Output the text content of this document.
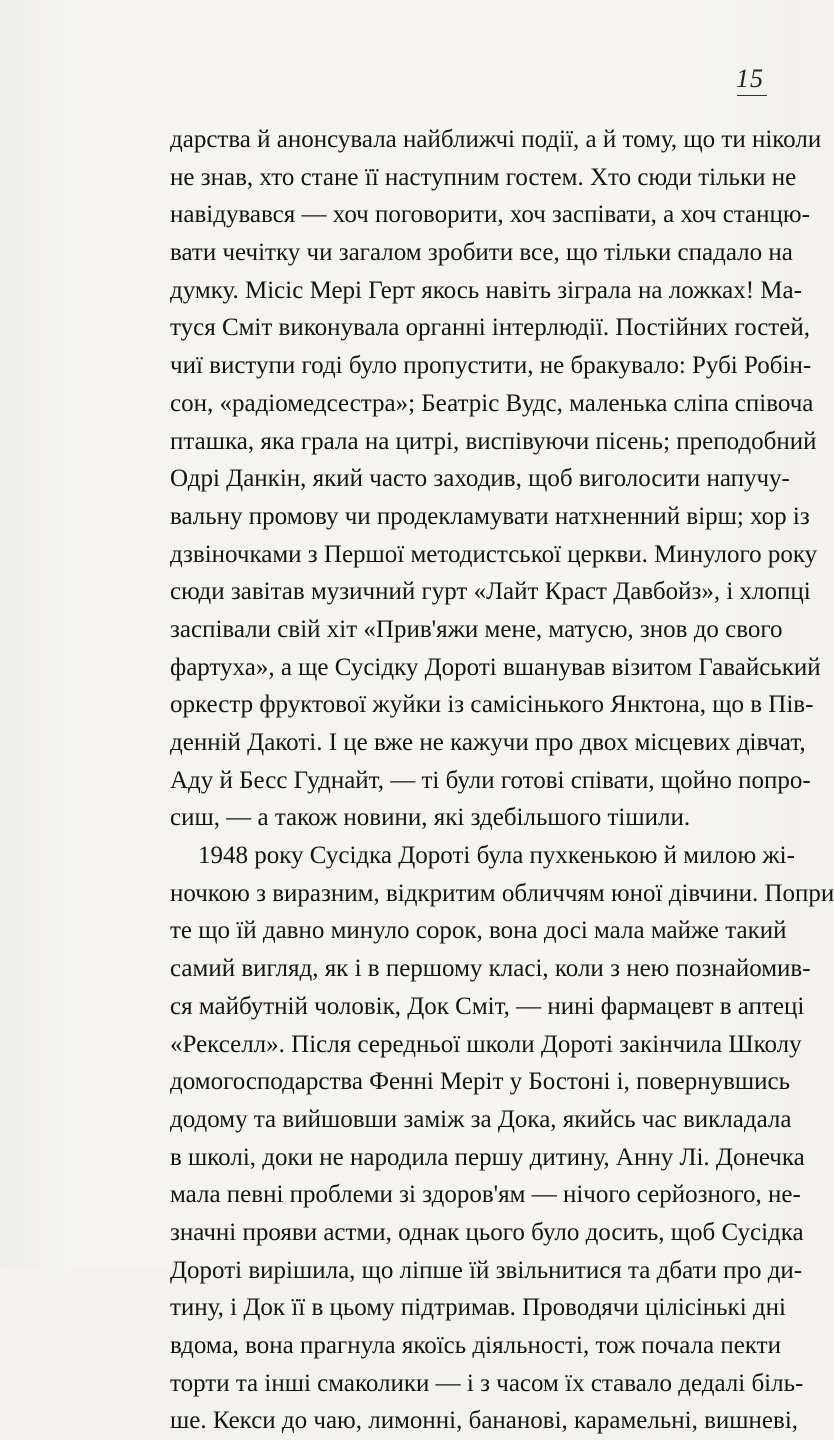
15
дарства й анонсувала найближчі події, а й тому, що ти ніколи
не знав, хто стане її наступним гостем. Хто сюди тільки не
навідувався — хоч поговорити, хоч заспівати, а хоч станцю-
вати чечітку чи загалом зробити все, що тільки спадало на
думку. Місіс Мері Герт якось навіть зіграла на ложках! Ма-
туся Сміт виконувала органні інтерлюдії. Постійних гостей,
чиї виступи годі було пропустити, не бракувало: Рубі Робін-
сон, «радіомедсестра»; Беатріс Вудс, маленька сліпа співоча
пташка, яка грала на цитрі, виспівуючи пісень; преподобний
Одрі Данкін, який часто заходив, щоб виголосити напучу-
вальну промову чи продекламувати натхненний вірш; хор із
дзвіночками з Першої методистської церкви. Минулого року
сюди завітав музичний гурт «Лайт Краст Давбойз», і хлопці
заспівали свій хіт «Прив'яжи мене, матусю, знов до свого
фартуха», а ще Сусідку Дороті вшанував візитом Гавайський
оркестр фруктової жуйки із самісінького Янктона, що в Пів-
денній Дакоті. І це вже не кажучи про двох місцевих дівчат,
Аду й Бесс Гуднайт, — ті були готові співати, щойно попро-
сиш, — а також новини, які здебільшого тішили.
1948 року Сусідка Дороті була пухкенькою й милою жі-
ночкою з виразним, відкритим обличчям юної дівчини. Попри
те що їй давно минуло сорок, вона досі мала майже такий
самий вигляд, як і в першому класі, коли з нею познайомив-
ся майбутній чоловік, Док Сміт, — нині фармацевт в аптеці
«Рекселл». Після середньої школи Дороті закінчила Школу
домогосподарства Фенні Меріт у Бостоні і, повернувшись
додому та вийшовши заміж за Дока, якийсь час викладала
в школі, доки не народила першу дитину, Анну Лі. Донечка
мала певні проблеми зі здоров'ям — нічого серйозного, не-
значні прояви астми, однак цього було досить, щоб Сусідка
Дороті вирішила, що ліпше їй звільнитися та дбати про ди-
тину, і Док її в цьому підтримав. Проводячи цілісінькі дні
вдома, вона прагнула якоїсь діяльності, тож почала пекти
торти та інші смаколики — і з часом їх ставало дедалі біль-
ше. Кекси до чаю, лимонні, бананові, карамельні, вишневі,
